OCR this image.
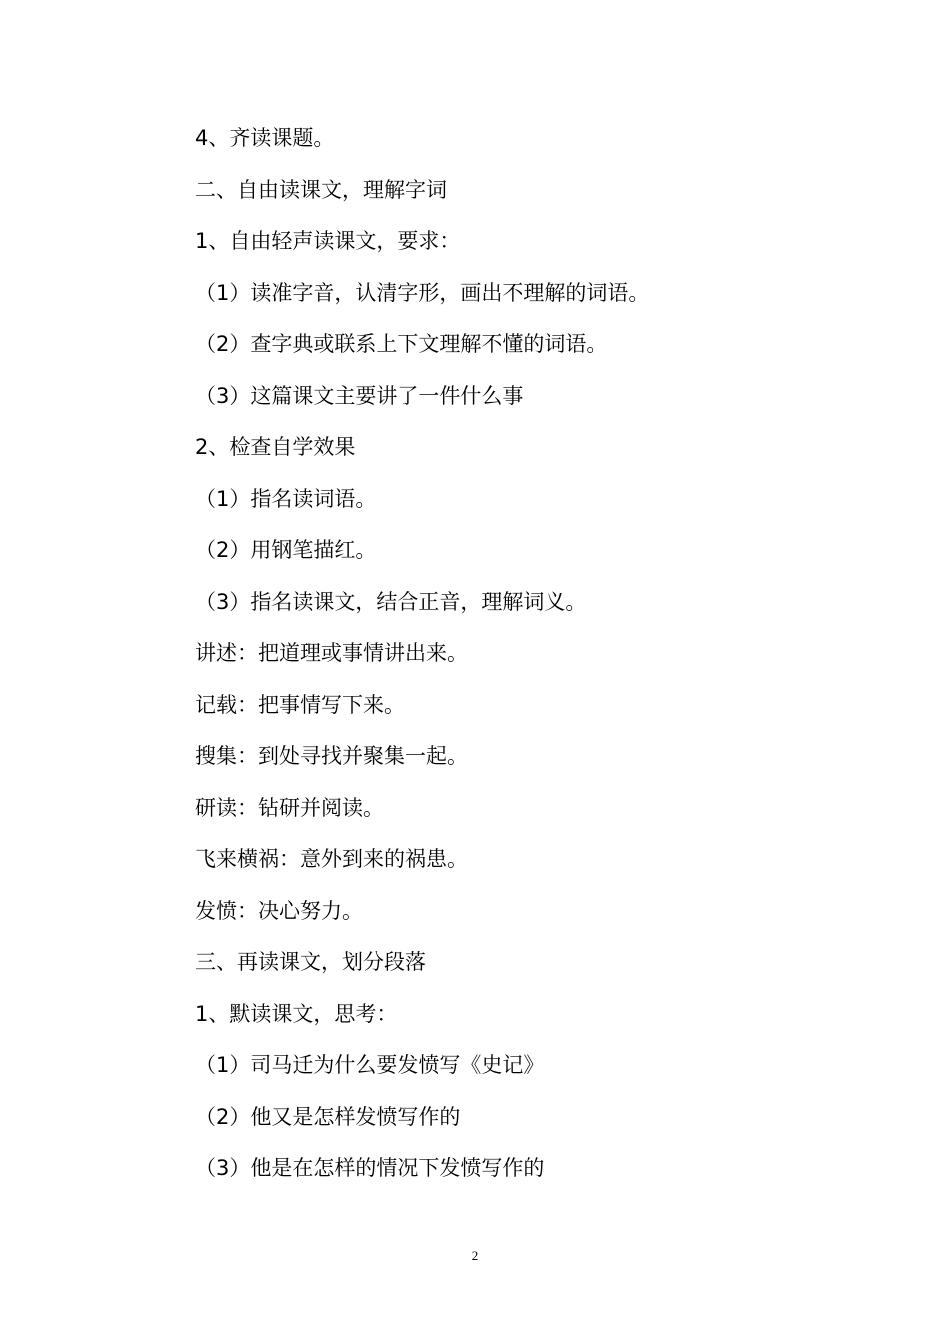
4、齐读课题。
二、自由读课文，理解字词
1、自由轻声读课文，要求：
（1）读准字音，认清字形，画出不理解的词语。
（2）查字典或联系上下文理解不懂的词语。
（3）这篇课文主要讲了一件什么事
2、检查自学效果
（1）指名读词语。
（2）用钢笔描红。
（3）指名读课文，结合正音，理解词义。
讲述：把道理或事情讲出来。
记载：把事情写下来。
搜集：到处寻找并聚集一起。
研读：钻研并阅读。
飞来横祸：意外到来的祸患。
发愤：决心努力。
三、再读课文，划分段落
1、默读课文，思考：
（1）司马迁为什么要发愤写《史记》
（2）他又是怎样发愤写作的
（3）他是在怎样的情况下发愤写作的
2
